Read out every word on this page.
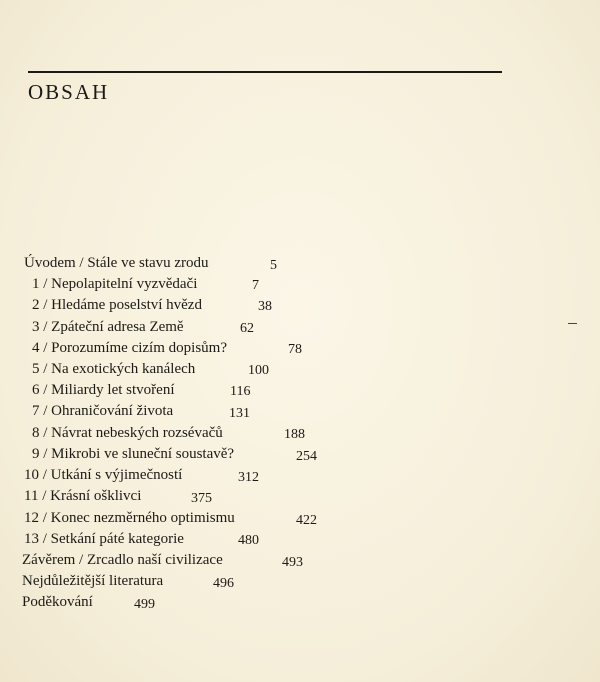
OBSAH
Úvodem / Stále ve stavu zrodu	5
1 / Nepolapitelní vyzvědači	7
2 / Hledáme poselství hvězd	38
3 / Zpáteční adresa Země	62
4 / Porozumíme cizím dopisům?	78
5 / Na exotických kanálech	100
6 / Miliardy let stvoření	116
7 / Ohraničování života	131
8 / Návrat nebeských rozsévačů	188
9 / Mikrobi ve sluneční soustavě?	254
10 / Utkání s výjimečností	312
11 / Krásní ošklivci	375
12 / Konec nezměrného optimismu	422
13 / Setkání páté kategorie	480
Závěrem / Zrcadlo naší civilizace	493
Nejdůležitější literatura	496
Poděkování	499
